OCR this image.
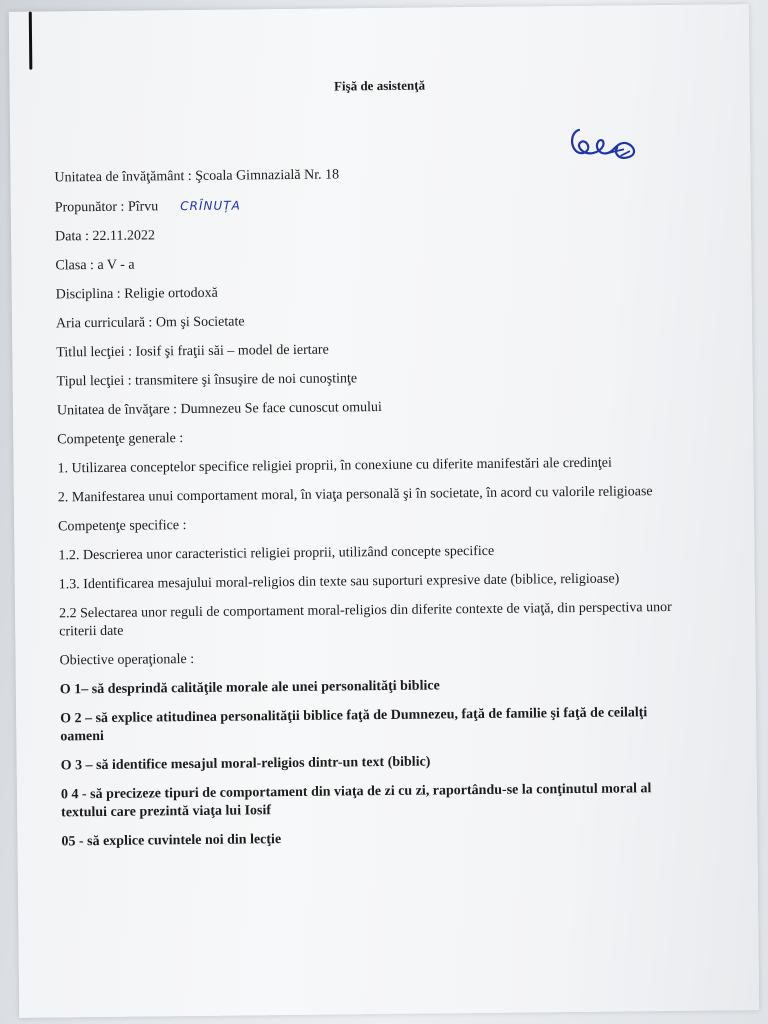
Fişă de asistenţă

Unitatea de învăţământ : Şcoala Gimnazială Nr. 18

Propunător : Pîrvu CRÎNUȚA

Data : 22.11.2022

Clasa : a V - a

Disciplina : Religie ortodoxă

Aria curriculară : Om şi Societate

Titlul lecţiei : Iosif şi fraţii săi – model de iertare

Tipul lecţiei : transmitere şi însuşire de noi cunoştinţe

Unitatea de învăţare : Dumnezeu Se face cunoscut omului

Competenţe generale :

1. Utilizarea conceptelor specifice religiei proprii, în conexiune cu diferite manifestări ale credinţei

2. Manifestarea unui comportament moral, în viaţa personală şi în societate, în acord cu valorile religioase

Competenţe specifice :

1.2. Descrierea unor caracteristici religiei proprii, utilizând concepte specifice

1.3. Identificarea mesajului moral-religios din texte sau suporturi expresive date (biblice, religioase)

2.2 Selectarea unor reguli de comportament moral-religios din diferite contexte de viaţă, din perspectiva unor criterii date

Obiective operaţionale :

O 1– să desprindă calităţile morale ale unei personalităţi biblice

O 2 – să explice atitudinea personalităţii biblice faţă de Dumnezeu, faţă de familie şi faţă de ceilalţi oameni

O 3 – să identifice mesajul moral-religios dintr-un text (biblic)

0 4 - să precizeze tipuri de comportament din viaţa de zi cu zi, raportându-se la conţinutul moral al textului care prezintă viaţa lui Iosif

05 - să explice cuvintele noi din lecţie
